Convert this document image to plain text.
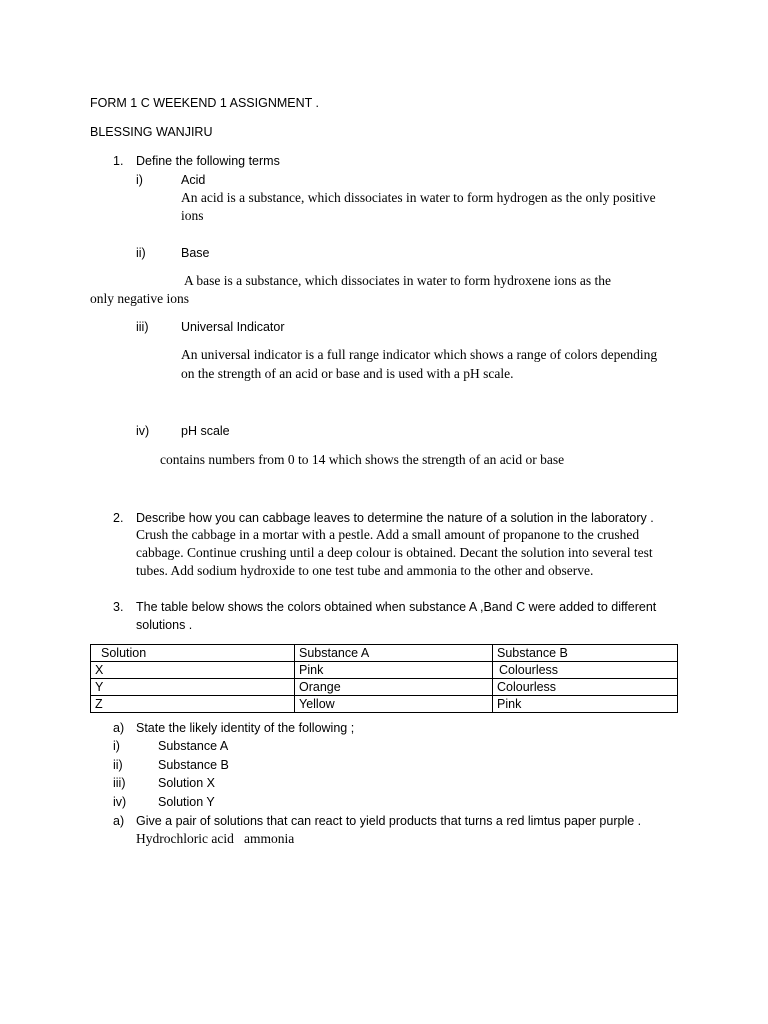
FORM 1 C WEEKEND 1 ASSIGNMENT .
BLESSING WANJIRU
1. Define the following terms
i)	Acid
An acid is a substance, which dissociates in water to form hydrogen as the only positive
ions
ii)	Base
A base is a substance, which dissociates in water to form hydroxene ions as the
only negative ions
iii)	Universal Indicator
An universal indicator is a full range indicator which shows a range of colors depending
on the strength of an acid or base and is used with a pH scale.
iv)	pH scale
contains numbers from 0 to 14 which shows the strength of an acid or base
2. Describe how you can cabbage leaves to determine the nature of a solution in the laboratory .
Crush the cabbage in a mortar with a pestle. Add a small amount of propanone to the crushed
cabbage. Continue crushing until a deep colour is obtained. Decant the solution into several test
tubes. Add sodium hydroxide to one test tube and ammonia to the other and observe.
3. The table below shows the colors obtained when substance A ,Band C were added to different
solutions .
Solution	Substance A	Substance B
X	Pink	Colourless
Y	Orange	Colourless
Z	Yellow	Pink
a) State the likely identity of the following ;
i)	Substance A
ii)	Substance B
iii)	Solution X
iv)	Solution Y
a) Give a pair of solutions that can react to yield products that turns a red limtus paper purple .
Hydrochloric acid   ammonia
